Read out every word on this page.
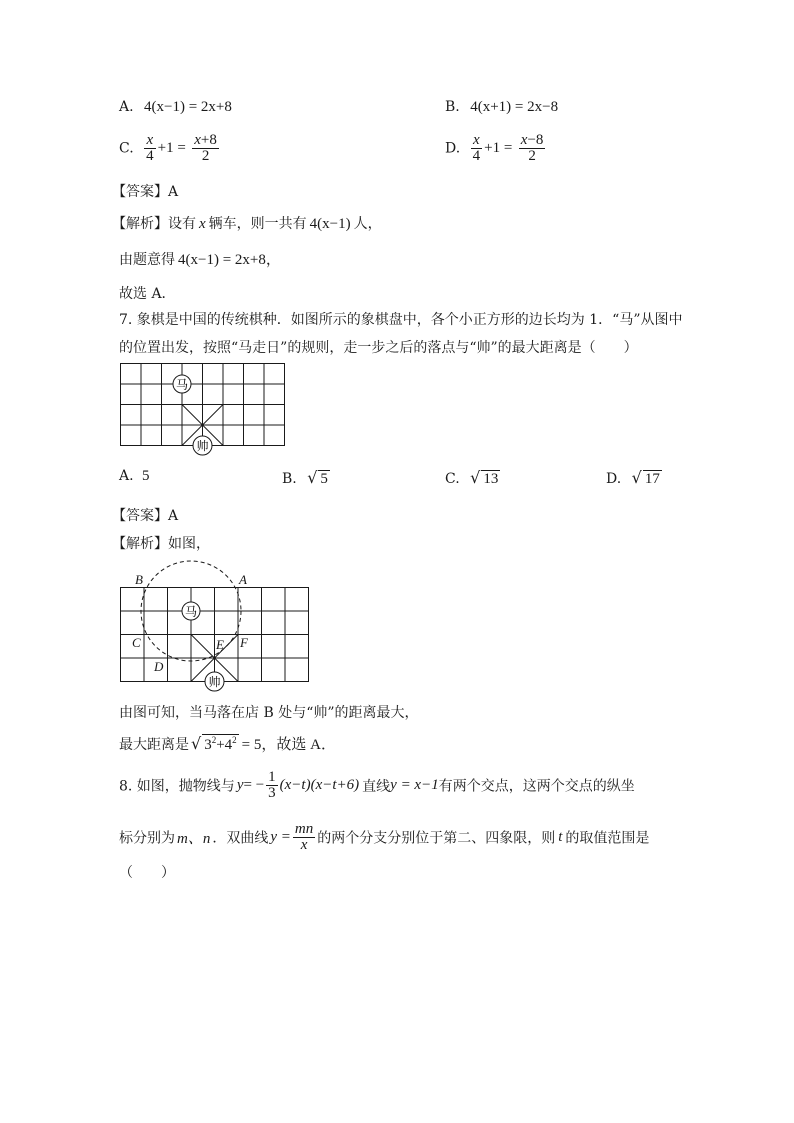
A. 4(x−1) = 2x+8	B. 4(x+1) = 2x−8
C. $\frac{x}{4} +1 = \frac{x+8}{2}$	D. $\frac{x}{4} +1 = \frac{x-8}{2}$
【答案】A
【解析】设有 x 辆车，则一共有 4(x−1) 人，
由题意得 4(x−1) = 2x+8，
故选 A．
7. 象棋是中国的传统棋种．如图所示的象棋盘中，各个小正方形的边长均为 1．“马”从图中
的位置出发，按照“马走日”的规则，走一步之后的落点与“帅”的最大距离是（　　）
马
帅
A. 5	B. √ 5	C. √ 13	D. √ 17
【答案】A
【解析】如图，
马
帅
B	A
C	F
E
D
由图可知，当马落在店 B 处与“帅”的距离最大，
最大距离是 √ $3^2+4^2 = 5$，故选 A．
8. 如图，抛物线与 $y= - \frac{1}{3} (x-t)(x-t+6)$ 直线y = x−1有两个交点，这两个交点的纵坐
标分别为 m、n ．双曲线 $y = \frac{mn}{x}$ 的两个分支分别位于第二、四象限，则 t 的取值范围是
（　　）
